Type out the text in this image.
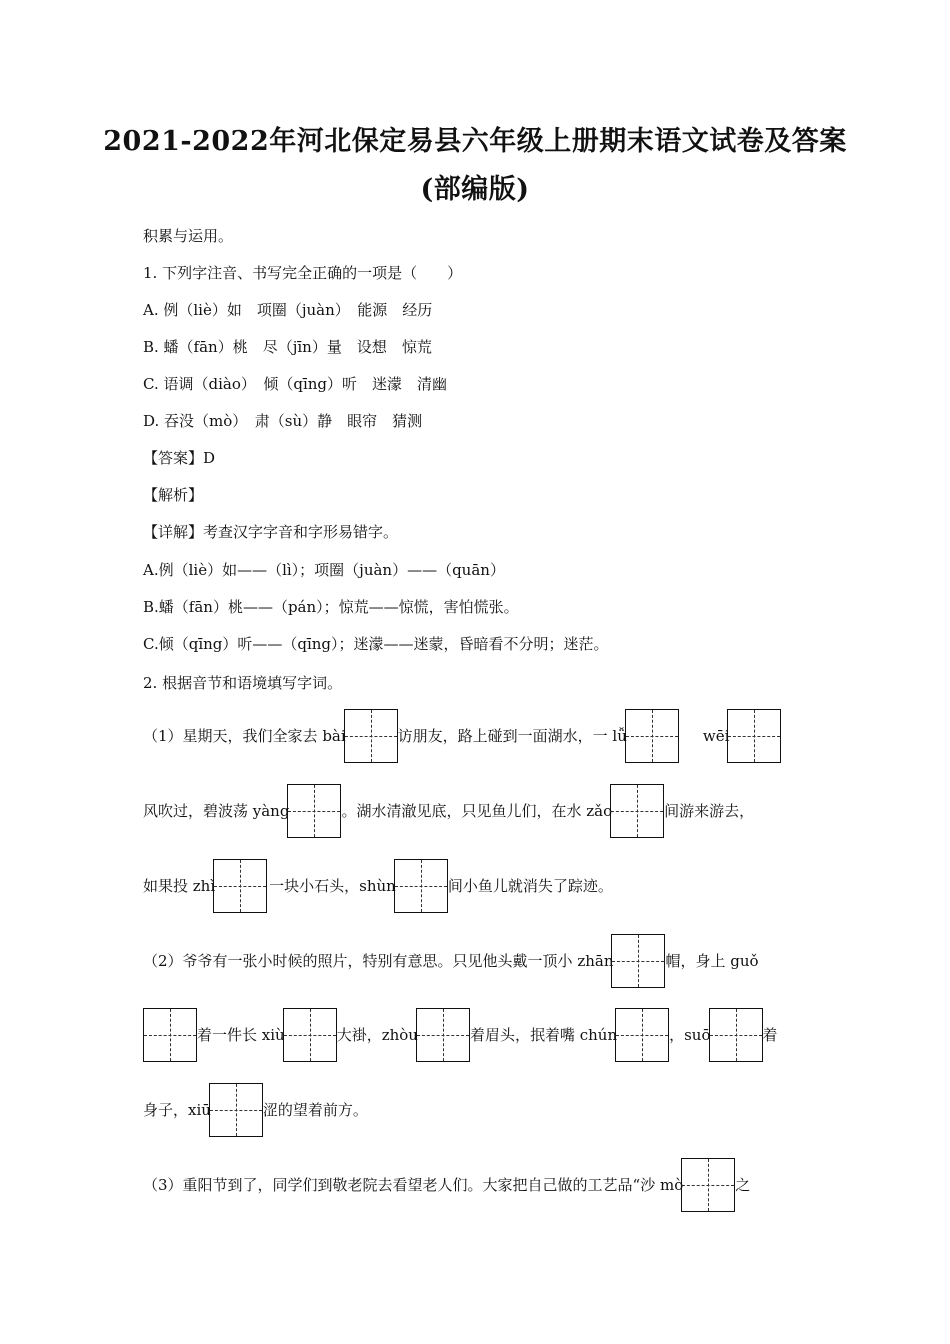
2021-2022年河北保定易县六年级上册期末语文试卷及答案
(部编版)
积累与运用。
1. 下列字注音、书写完全正确的一项是（　　）
A. 例（liè）如　项圈（juàn）　能源　经历
B. 蟠（fān）桃　尽（jīn）量　设想　惊荒
C. 语调（diào）　倾（qīng）听　迷濛　清幽
D. 吞没（mò）　肃（sù）静　眼帘　猜测
【答案】D
【解析】
【详解】考查汉字字音和字形易错字。
A.例（liè）如——（lì）；项圈（juàn）——（quān）
B.蟠（fān）桃——（pán）；惊荒——惊慌，害怕慌张。
C.倾（qīng）听——（qīng）；迷濛——迷蒙，昏暗看不分明；迷茫。
2. 根据音节和语境填写字词。
（1）星期天，我们全家去 bài	访朋友，路上碰到一面湖水，一 lǚ	wēi
风吹过，碧波荡 yàng	。湖水清澈见底，只见鱼儿们，在水 zǎo	间游来游去，
如果投 zhì	一块小石头，shùn	间小鱼儿就消失了踪迹。
（2）爷爷有一张小时候的照片，特别有意思。只见他头戴一顶小 zhān	帽，身上 guǒ
着一件长 xiù	大褂，zhòu	着眉头，抿着嘴 chún	，suō	着
身子，xiū	涩的望着前方。
（3）重阳节到了，同学们到敬老院去看望老人们。大家把自己做的工艺品“沙 mò	之
